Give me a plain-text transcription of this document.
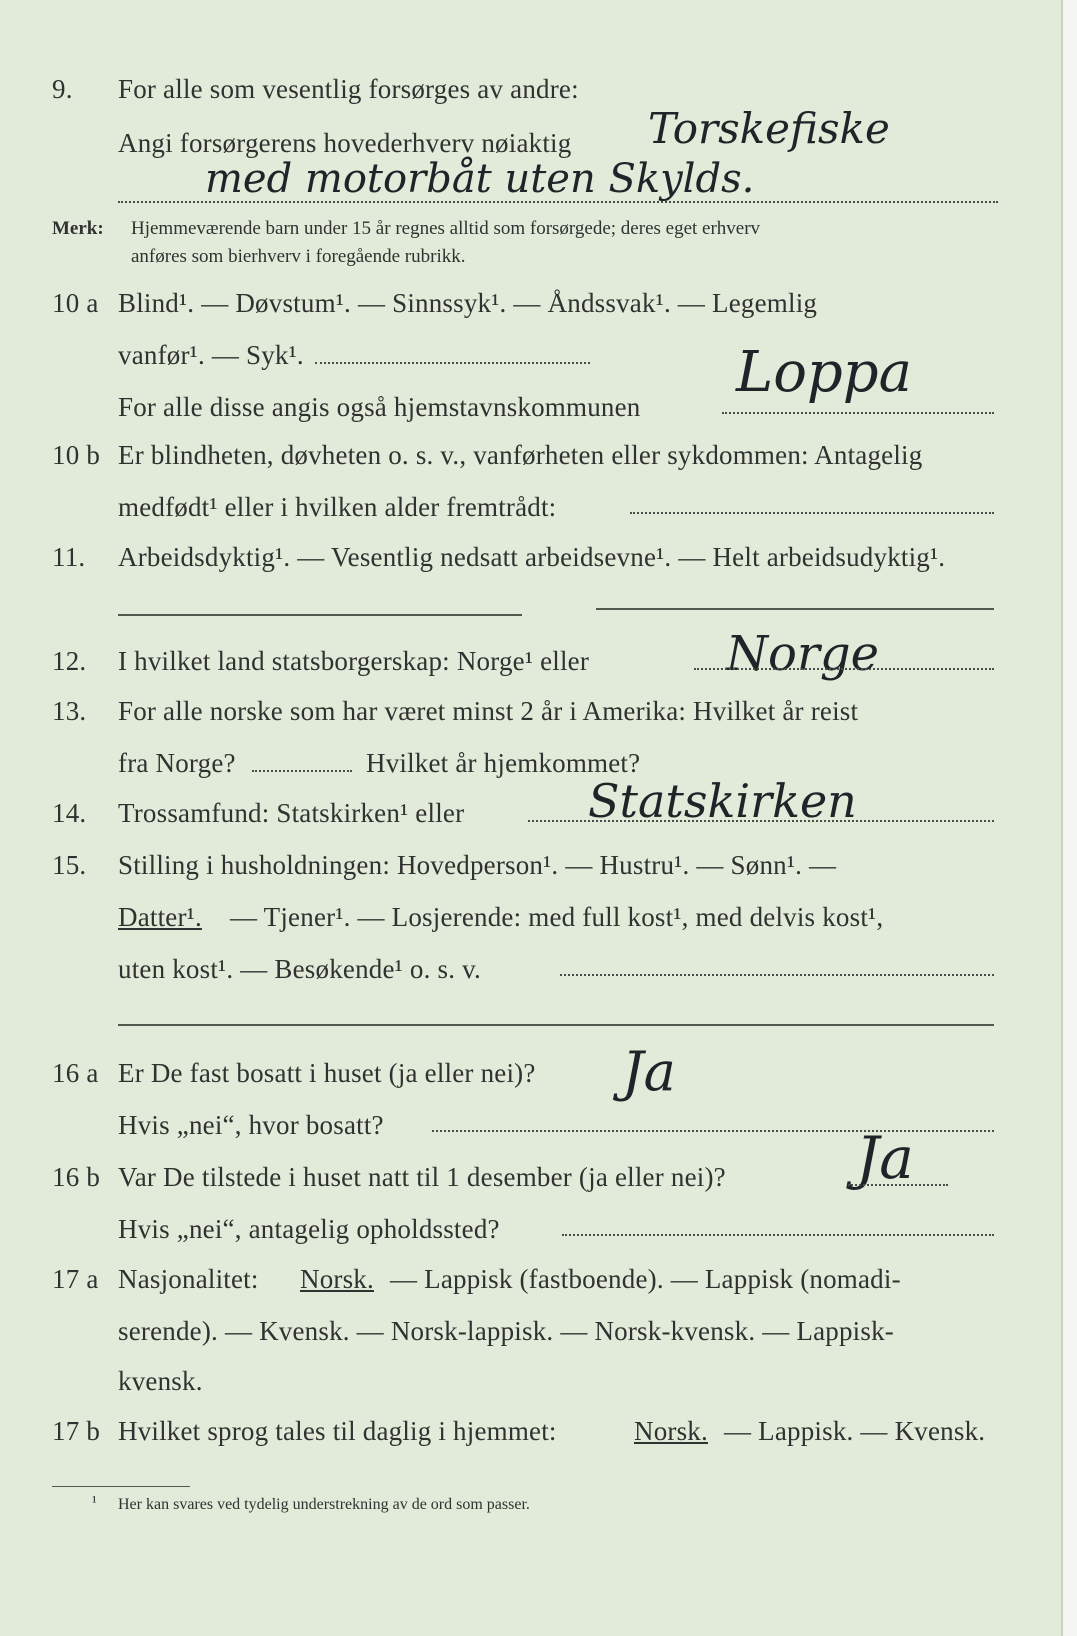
9. For alle som vesentlig forsørges av andre:
Angi forsørgerens hovederhverv nøiaktig Torskefiske
med motorbåt uten Skylds.
Merk: Hjemmeværende barn under 15 år regnes alltid som forsørgede; deres eget erhverv
anføres som bierhverv i foregående rubrikk.
10 a Blind¹. — Døvstum¹. — Sinnssyk¹. — Åndssvak¹. — Legemlig
vanfør¹. — Syk¹.
For alle disse angis også hjemstavnskommunen
Loppa
10 b Er blindheten, døvheten o. s. v., vanførheten eller sykdommen: Antagelig
medfødt¹ eller i hvilken alder fremtrådt:
11. Arbeidsdyktig¹. — Vesentlig nedsatt arbeidsevne¹. — Helt arbeidsudyktig¹.
12. I hvilket land statsborgerskap: Norge¹ eller	Norge
13. For alle norske som har været minst 2 år i Amerika: Hvilket år reist
fra Norge?	Hvilket år hjemkommet?
14. Trossamfund: Statskirken¹ eller	Statskirken
15. Stilling i husholdningen: Hovedperson¹. — Hustru¹. — Sønn¹. —
Datter¹. — Tjener¹. — Losjerende: med full kost¹, med delvis kost¹,
uten kost¹. — Besøkende¹ o. s. v.
16 a Er De fast bosatt i huset (ja eller nei)? Ja
Hvis „nei“, hvor bosatt?
16 b Var De tilstede i huset natt til 1 desember (ja eller nei)? Ja
Hvis „nei“, antagelig opholdssted?
17 a Nasjonalitet: Norsk. — Lappisk (fastboende). — Lappisk (nomadi-
serende). — Kvensk. — Norsk-lappisk. — Norsk-kvensk. — Lappisk-
kvensk.
17 b Hvilket sprog tales til daglig i hjemmet:	Norsk. — Lappisk. — Kvensk.
¹ Her kan svares ved tydelig understrekning av de ord som passer.
